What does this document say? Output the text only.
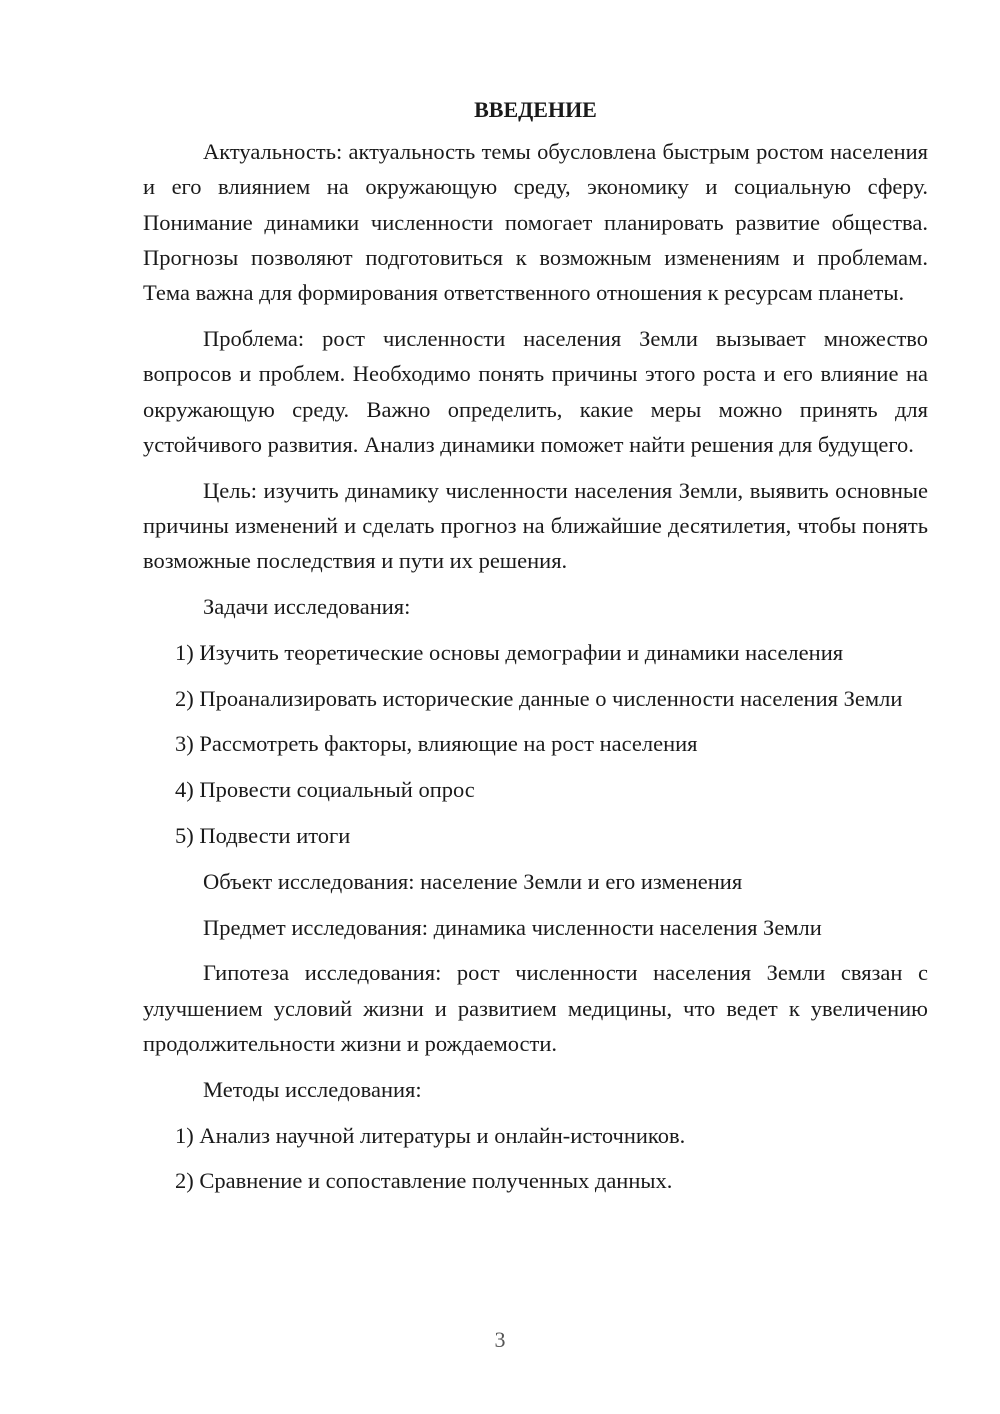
ВВЕДЕНИЕ

Актуальность: актуальность темы обусловлена быстрым ростом населения и его влиянием на окружающую среду, экономику и социальную сферу. Понимание динамики численности помогает планировать развитие общества. Прогнозы позволяют подготовиться к возможным изменениям и проблемам. Тема важна для формирования ответственного отношения к ресурсам планеты.

Проблема: рост численности населения Земли вызывает множество вопросов и проблем. Необходимо понять причины этого роста и его влияние на окружающую среду. Важно определить, какие меры можно принять для устойчивого развития. Анализ динамики поможет найти решения для будущего.

Цель: изучить динамику численности населения Земли, выявить основные причины изменений и сделать прогноз на ближайшие десятилетия, чтобы понять возможные последствия и пути их решения.

Задачи исследования:

1) Изучить теоретические основы демографии и динамики населения

2) Проанализировать исторические данные о численности населения Земли

3) Рассмотреть факторы, влияющие на рост населения

4) Провести социальный опрос

5) Подвести итоги

Объект исследования: население Земли и его изменения

Предмет исследования: динамика численности населения Земли

Гипотеза исследования: рост численности населения Земли связан с улучшением условий жизни и развитием медицины, что ведет к увеличению продолжительности жизни и рождаемости.

Методы исследования:

1) Анализ научной литературы и онлайн-источников.

2) Сравнение и сопоставление полученных данных.

3
